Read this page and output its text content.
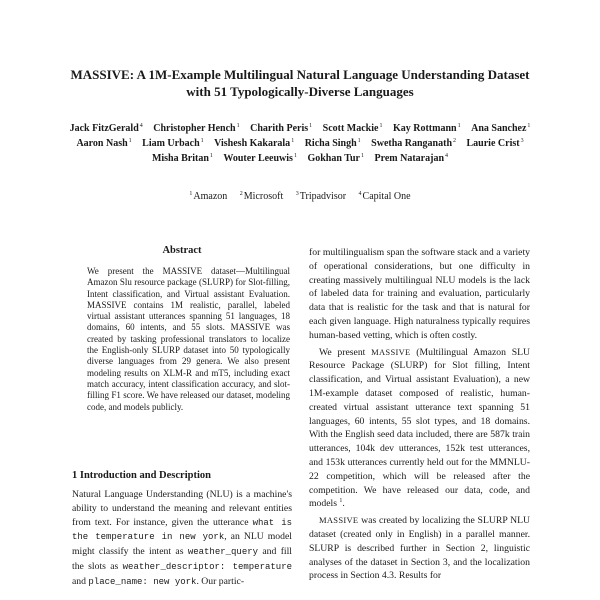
MASSIVE: A 1M-Example Multilingual Natural Language Understanding Dataset with 51 Typologically-Diverse Languages
Jack FitzGerald$^4$ Christopher Hench$^1$ Charith Peris$^1$ Scott Mackie$^1$ Kay Rottmann$^1$ Ana Sanchez$^1$ Aaron Nash$^1$ Liam Urbach$^1$ Vishesh Kakarala$^1$ Richa Singh$^1$ Swetha Ranganath$^2$ Laurie Crist$^3$ Misha Britan$^1$ Wouter Leeuwis$^1$ Gokhan Tur$^1$ Prem Natarajan$^4$
$^1$Amazon $^2$Microsoft $^3$Tripadvisor $^4$Capital One
Abstract
We present the MASSIVE dataset—Multilingual Amazon Slu resource package (SLURP) for Slot-filling, Intent classification, and Virtual assistant Evaluation. MASSIVE contains 1M realistic, parallel, labeled virtual assistant utterances spanning 51 languages, 18 domains, 60 intents, and 55 slots. MASSIVE was created by tasking professional translators to localize the English-only SLURP dataset into 50 typologically diverse languages from 29 genera. We also present modeling results on XLM-R and mT5, including exact match accuracy, intent classification accuracy, and slot-filling F1 score. We have released our dataset, modeling code, and models publicly.
1 Introduction and Description

Natural Language Understanding (NLU) is a machine's ability to understand the meaning and relevant entities from text. For instance, given the utterance what is the temperature in new york, an NLU model might classify the intent as weather_query and fill the slots as weather_descriptor: temperature and place_name: new york. Our partic-

for multilingualism span the software stack and a variety of operational considerations, but one difficulty in creating massively multilingual NLU models is the lack of labeled data for training and evaluation, particularly data that is realistic for the task and that is natural for each given language. High naturalness typically requires human-based vetting, which is often costly.

We present MASSIVE (Multilingual Amazon SLU Resource Package (SLURP) for Slot filling, Intent classification, and Virtual assistant Evaluation), a new 1M-example dataset composed of realistic, human-created virtual assistant utterance text spanning 51 languages, 60 intents, 55 slot types, and 18 domains. With the English seed data included, there are 587k train utterances, 104k dev utterances, 152k test utterances, and 153k utterances currently held out for the MMNLU-22 competition, which will be released after the competition. We have released our data, code, and models $^1$.

MASSIVE was created by localizing the SLURP NLU dataset (created only in English) in a parallel manner. SLURP is described further in Section 2, linguistic analyses of the dataset in Section 3, and the localization process in Section 4.3. Results for
